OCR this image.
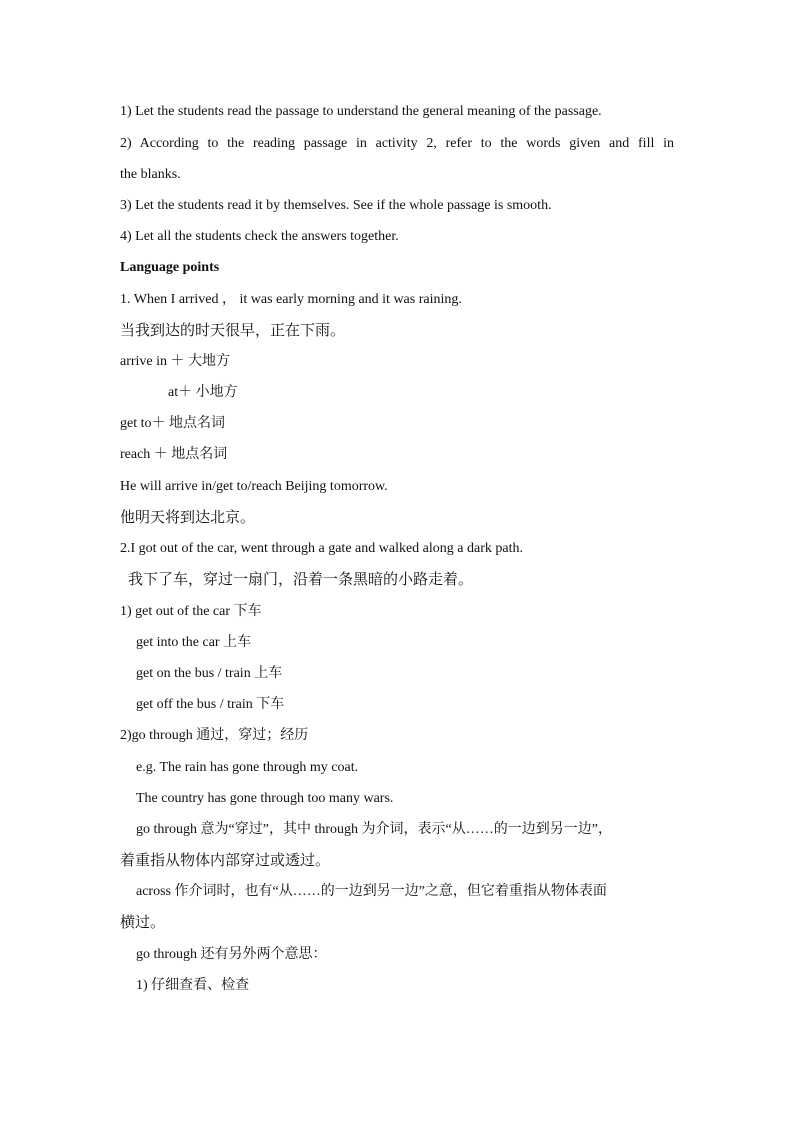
1) Let the students read the passage to understand the general meaning of the passage.
2) According to the reading passage in activity 2, refer to the words given and fill in
the blanks.
3) Let the students read it by themselves. See if the whole passage is smooth.
4) Let all the students check the answers together.
Language points
1. When I arrived ， it was early morning and it was raining.
当我到达的时天很早，正在下雨。
arrive in ＋ 大地方
at＋ 小地方
get to＋ 地点名词
reach ＋ 地点名词
He will arrive in/get to/reach Beijing tomorrow.
他明天将到达北京。
2.I got out of the car, went through a gate and walked along a dark path.
我下了车，穿过一扇门，沿着一条黑暗的小路走着。
1) get out of the car 下车
get into the car 上车
get on the bus / train 上车
get off the bus / train 下车
2)go through 通过，穿过；经历
e.g. The rain has gone through my coat.
The country has gone through too many wars.
go through 意为“穿过”，其中 through 为介词，表示“从……的一边到另一边”，
着重指从物体内部穿过或透过。
across 作介词时，也有“从……的一边到另一边”之意，但它着重指从物体表面
横过。
go through 还有另外两个意思：
1) 仔细查看、检查
